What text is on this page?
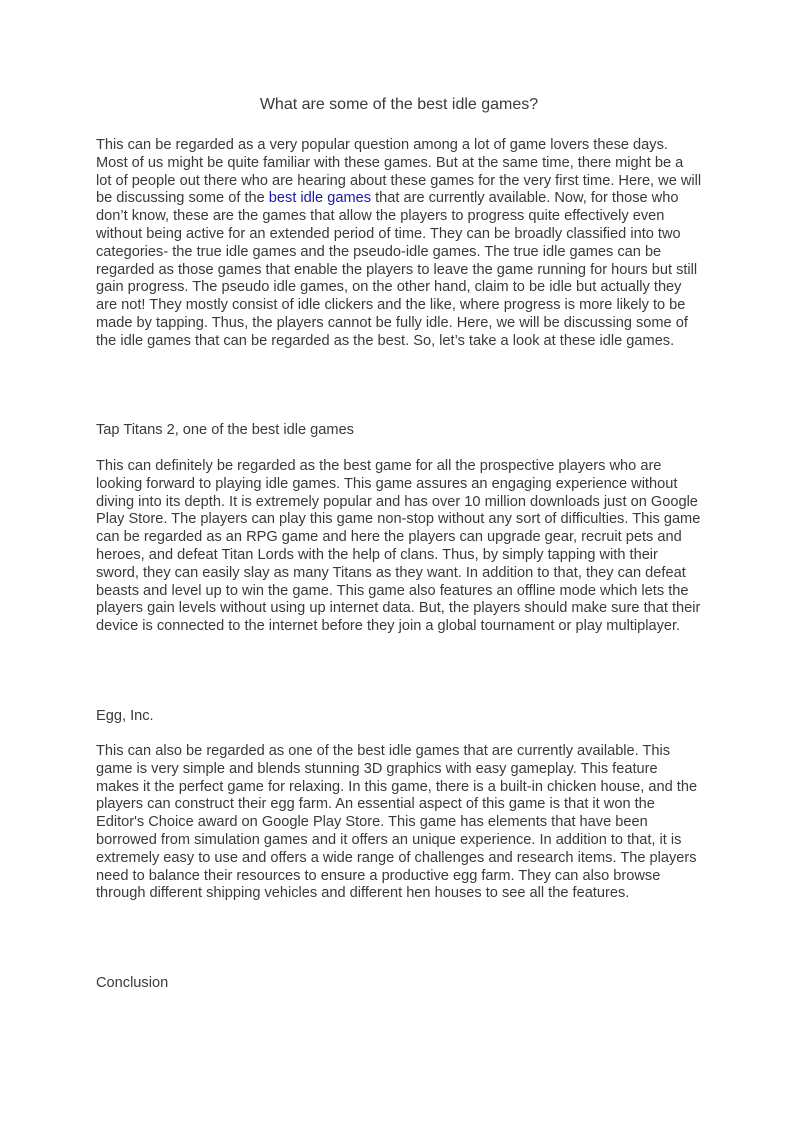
What are some of the best idle games?

This can be regarded as a very popular question among a lot of game lovers these days. Most of us might be quite familiar with these games. But at the same time, there might be a lot of people out there who are hearing about these games for the very first time. Here, we will be discussing some of the best idle games that are currently available. Now, for those who don’t know, these are the games that allow the players to progress quite effectively even without being active for an extended period of time. They can be broadly classified into two categories- the true idle games and the pseudo-idle games. The true idle games can be regarded as those games that enable the players to leave the game running for hours but still gain progress. The pseudo idle games, on the other hand, claim to be idle but actually they are not! They mostly consist of idle clickers and the like, where progress is more likely to be made by tapping. Thus, the players cannot be fully idle. Here, we will be discussing some of the idle games that can be regarded as the best. So, let’s take a look at these idle games.

Tap Titans 2, one of the best idle games

This can definitely be regarded as the best game for all the prospective players who are looking forward to playing idle games. This game assures an engaging experience without diving into its depth. It is extremely popular and has over 10 million downloads just on Google Play Store. The players can play this game non-stop without any sort of difficulties. This game can be regarded as an RPG game and here the players can upgrade gear, recruit pets and heroes, and defeat Titan Lords with the help of clans. Thus, by simply tapping with their sword, they can easily slay as many Titans as they want. In addition to that, they can defeat beasts and level up to win the game. This game also features an offline mode which lets the players gain levels without using up internet data. But, the players should make sure that their device is connected to the internet before they join a global tournament or play multiplayer.

Egg, Inc.

This can also be regarded as one of the best idle games that are currently available. This game is very simple and blends stunning 3D graphics with easy gameplay. This feature makes it the perfect game for relaxing. In this game, there is a built-in chicken house, and the players can construct their egg farm. An essential aspect of this game is that it won the Editor's Choice award on Google Play Store. This game has elements that have been borrowed from simulation games and it offers an unique experience. In addition to that, it is extremely easy to use and offers a wide range of challenges and research items. The players need to balance their resources to ensure a productive egg farm. They can also browse through different shipping vehicles and different hen houses to see all the features.

Conclusion
